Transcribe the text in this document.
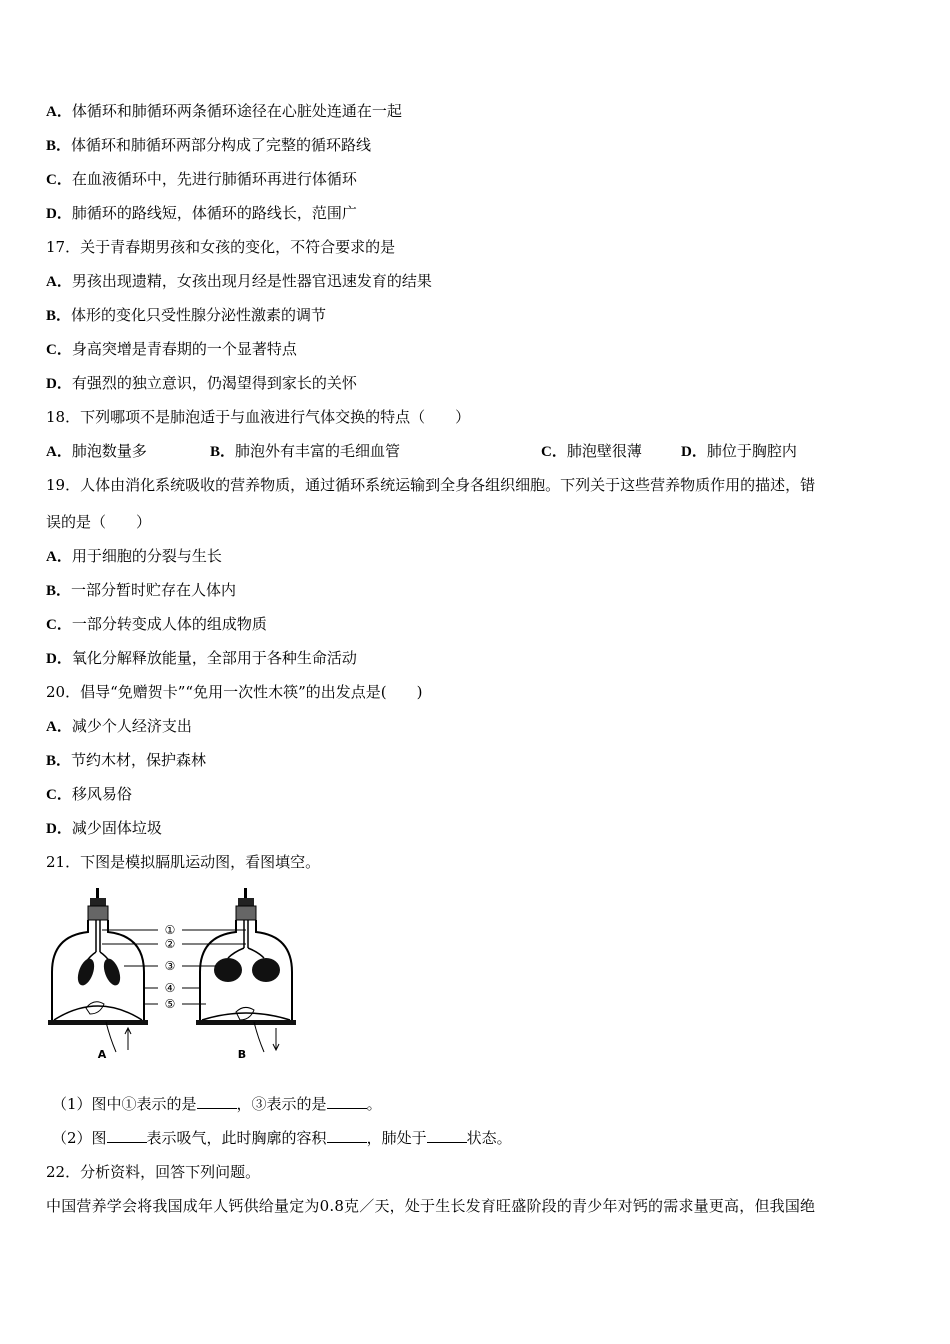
A．体循环和肺循环两条循环途径在心脏处连通在一起
B．体循环和肺循环两部分构成了完整的循环路线
C．在血液循环中，先进行肺循环再进行体循环
D．肺循环的路线短，体循环的路线长，范围广
17．关于青春期男孩和女孩的变化，不符合要求的是
A．男孩出现遗精，女孩出现月经是性器官迅速发育的结果
B．体形的变化只受性腺分泌性激素的调节
C．身高突增是青春期的一个显著特点
D．有强烈的独立意识，仍渴望得到家长的关怀
18．下列哪项不是肺泡适于与血液进行气体交换的特点（　　）
A．肺泡数量多	B．肺泡外有丰富的毛细血管	C．肺泡壁很薄	D．肺位于胸腔内
19．人体由消化系统吸收的营养物质，通过循环系统运输到全身各组织细胞。下列关于这些营养物质作用的描述，错
误的是（　　）
A．用于细胞的分裂与生长
B．一部分暂时贮存在人体内
C．一部分转变成人体的组成物质
D．氧化分解释放能量，全部用于各种生命活动
20．倡导“免赠贺卡”“免用一次性木筷”的出发点是(　　)
A．减少个人经济支出
B．节约木材，保护森林
C．移风易俗
D．减少固体垃圾
21．下图是模拟膈肌运动图，看图填空。
①
②
③
④
⑤
A	B
（1）图中①表示的是	，③表示的是	。
（2）图	表示吸气，此时胸廓的容积	，肺处于	状态。
22．分析资料，回答下列问题。
中国营养学会将我国成年人钙供给量定为0.8克／天，处于生长发育旺盛阶段的青少年对钙的需求量更高，但我国绝
